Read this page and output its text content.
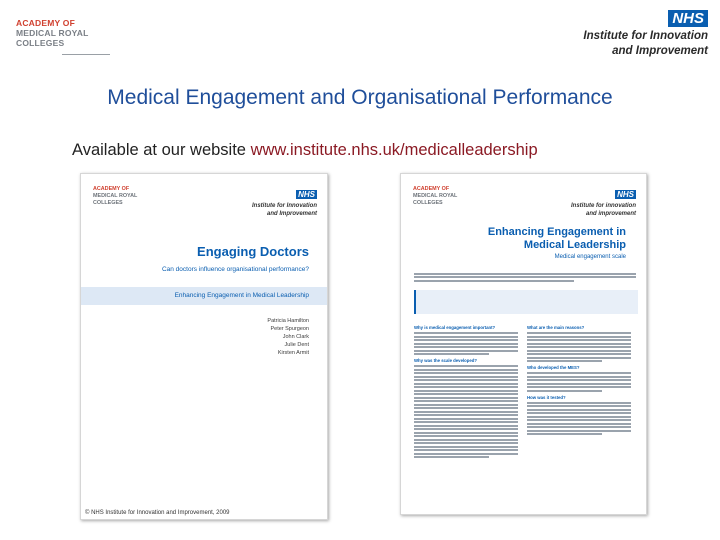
ACADEMY OF
MEDICAL ROYAL
COLLEGES
NHS
Institute for Innovation
and Improvement
Medical Engagement and Organisational Performance
Available at our website www.institute.nhs.uk/medicalleadership
ACADEMY OF
MEDICAL ROYAL
COLLEGES
NHS
Institute for Innovation
and Improvement
Engaging Doctors
Can doctors influence organisational performance?
Enhancing Engagement in Medical Leadership
Patricia Hamilton
Peter Spurgeon
John Clark
Julie Dent
Kirsten Armit
© NHS Institute for Innovation and Improvement, 2009
ACADEMY OF
MEDICAL ROYAL
COLLEGES
NHS
Institute for innovation
and improvement
Enhancing Engagement in
Medical Leadership
Medical engagement scale
Why is medical engagement important?
Why was the scale developed?
What are the main reasons?
Who developed the MES?
How was it tested?
